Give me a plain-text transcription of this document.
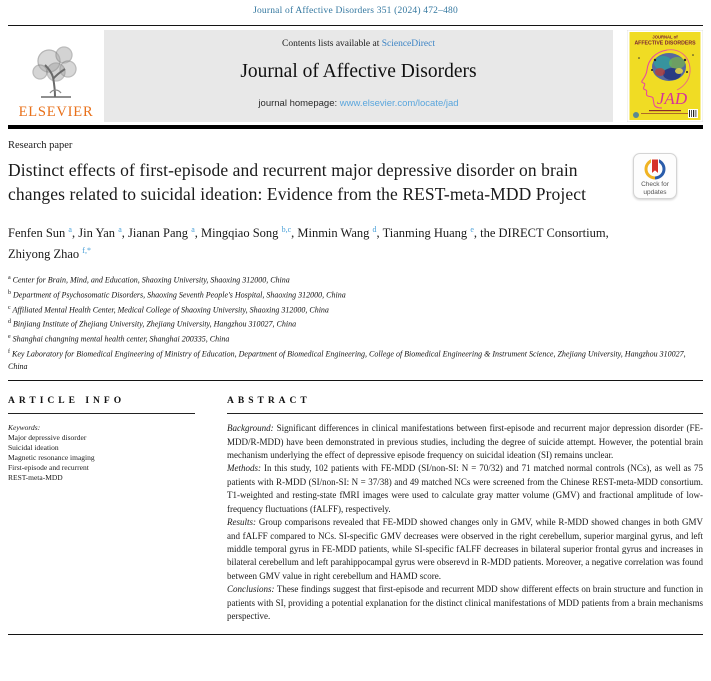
Journal of Affective Disorders 351 (2024) 472–480
ELSEVIER
Contents lists available at ScienceDirect
Journal of Affective Disorders
journal homepage: www.elsevier.com/locate/jad
JOURNAL of
AFFECTIVE DISORDERS
JAD
Research paper
Check for
updates
Distinct effects of first-episode and recurrent major depressive disorder on brain changes related to suicidal ideation: Evidence from the REST-meta-MDD Project
Fenfen Sun $^a$, Jin Yan $^a$, Jianan Pang $^a$, Mingqiao Song $^{b,c}$, Minmin Wang $^d$, Tianming Huang $^e$, the DIRECT Consortium, Zhiyong Zhao $^{f,*}$
$^a$ Center for Brain, Mind, and Education, Shaoxing University, Shaoxing 312000, China
$^b$ Department of Psychosomatic Disorders, Shaoxing Seventh People's Hospital, Shaoxing 312000, China
$^c$ Affiliated Mental Health Center, Medical College of Shaoxing University, Shaoxing 312000, China
$^d$ Binjiang Institute of Zhejiang University, Zhejiang University, Hangzhou 310027, China
$^e$ Shanghai changning mental health center, Shanghai 200335, China
$^f$ Key Laboratory for Biomedical Engineering of Ministry of Education, Department of Biomedical Engineering, College of Biomedical Engineering & Instrument Science, Zhejiang University, Hangzhou 310027, China
ARTICLE INFO
Keywords:
Major depressive disorder
Suicidal ideation
Magnetic resonance imaging
First-episode and recurrent
REST-meta-MDD
ABSTRACT

Background: Significant differences in clinical manifestations between first-episode and recurrent major depression disorder (FE-MDD/R-MDD) have been demonstrated in previous studies, including the degree of suicide attempt. However, the potential brain mechanism underlying the effect of depressive episode frequency on suicidal ideation (SI) remains unclear.

Methods: In this study, 102 patients with FE-MDD (SI/non-SI: N = 70/32) and 71 matched normal controls (NCs), as well as 75 patients with R-MDD (SI/non-SI: N = 37/38) and 49 matched NCs were screened from the Chinese REST-meta-MDD consortium. T1-weighted and resting-state fMRI images were used to calculate gray matter volume (GMV) and fractional amplitude of low-frequency fluctuations (fALFF), respectively.

Results: Group comparisons revealed that FE-MDD showed changes only in GMV, while R-MDD showed changes in both GMV and fALFF compared to NCs. SI-specific GMV decreases were observed in the right cerebellum, superior marginal gyrus, and left middle temporal gyrus in FE-MDD patients, while SI-specific fALFF decreases in bilateral superior frontal gyrus and increases in bilateral cerebellum and left parahippocampal gyrus were obserevd in R-MDD patients. Moreover, a negative correlation was found between GMV value in right cerebellum and HAMD score.

Conclusions: These findings suggest that first-episode and recurrent MDD show different effects on brain structure and function in patients with SI, providing a potential explanation for the distinct clinical manifestations of MDD patients from a brain mechanisms perspective.
